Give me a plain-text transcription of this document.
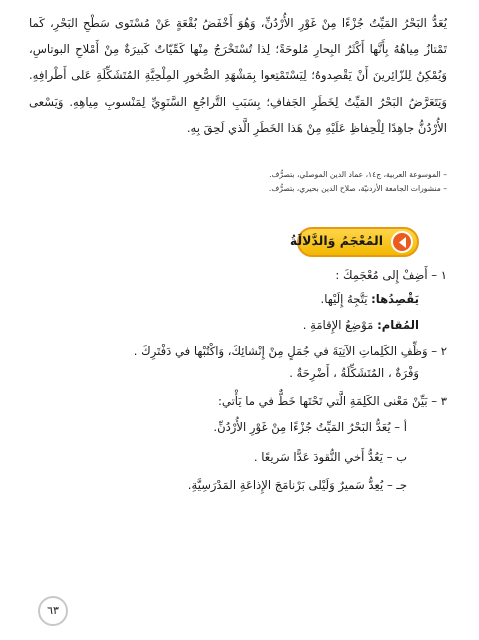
يُعَدُّ البَحْرُ المَيِّتُ جُزْءًا مِنْ غَوْرِ الأُرْدُنِّ، وَهُوَ أَخْفَضُ بُقْعَةٍ عَنْ مُسْتَوى سَطْحِ البَحْرِ، كَما تَمْتازُ مِياهُهُ بِأَنَّها أَكْثَرُ البِحارِ مُلوحَةً؛ لِذا تُسْتَخْرَجُ مِنْها كَمِّيّاتٌ كَبيرَةٌ مِنْ أَمْلاحِ البوتاسِ، وَيُمْكِنُ لِلزّائِرينَ أَنْ يَقْصِدوهُ؛ لِيَسْتَمْتِعوا بِمَشْهَدِ الصُّخورِ المِلْحِيَّةِ المُتَشَكِّلَةِ عَلى أَطْرافِهِ. وَيَتَعَرَّضُ البَحْرُ المَيِّتُ لِخَطَرِ الجَفافِ؛ بِسَبَبِ التَّراجُعِ السَّنَوِيِّ لِمَنْسوبِ مِياهِهِ. وَيَسْعى الأُرْدُنُّ جاهِدًا لِلْحِفاظِ عَلَيْهِ مِنْ هَذا الخَطَرِ الَّذي لَحِقَ بِهِ.

– الموسوعة العربية، ج١٤، عماد الدين الموصلي، بتصرُّف.
– منشورات الجامعة الأردنيّة، صلاح الدين بحيري، بتصرُّف.
المُعْجَمُ وَالدَّلالَةُ

١ – أَضِفْ إِلى مُعْجَمِكَ :

يَقْصِدُها: يَتَّجِهُ إِلَيْها.

المُقام: مَوْضِعُ الإِقامَةِ .

٢ – وَظِّفِ الكَلِماتِ الآتِيَةَ في جُمَلٍ مِنْ إِنْشائِكَ، وَاكْتُبْها في دَفْتَرِكَ .

وَفْرَةٌ ، المُتَشَكِّلَةُ ، أَضْرِحَةٌ .

٣ – بَيِّنْ مَعْنى الكَلِمَةِ الَّتي تَحْتَها خَطٌّ في ما يَأْتي:

أ – يُعَدُّ البَحْرُ المَيِّتُ جُزْءًا مِنْ غَوْرِ الأُرْدُنِّ.

ب – يَعُدُّ أَخي النُّقودَ عَدًّا سَريعًا .

جـ – يُعِدُّ سَميرٌ وَلَيْلى بَرْنامَجَ الإِذاعَةِ المَدْرَسِيَّةِ.

٦٣
